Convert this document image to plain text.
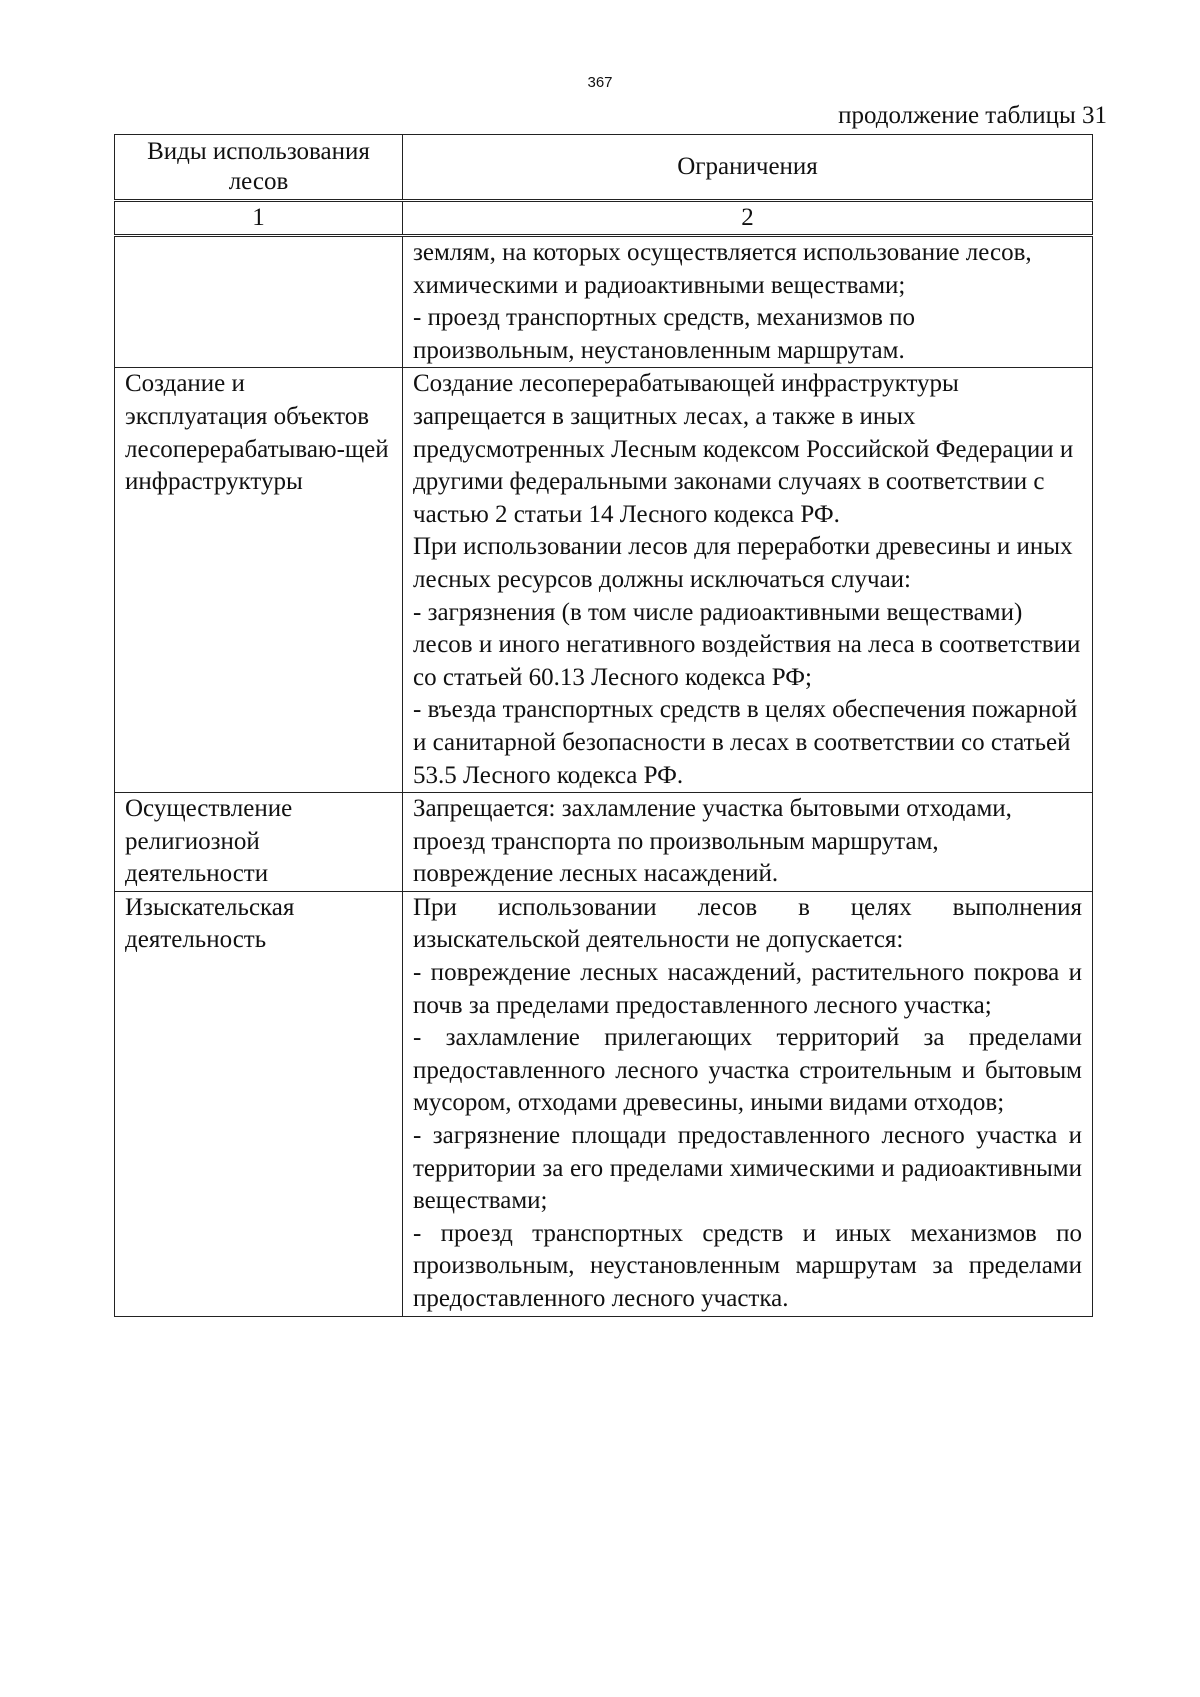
367
продолжение таблицы 31
Виды использования лесов	Ограничения
1	2

	землям, на которых осуществляется использование лесов, химическими и радиоактивными веществами;
- проезд транспортных средств, механизмов по произвольным, неустановленным маршрутам.

Создание и эксплуатация объектов лесоперерабатываю-щей инфраструктуры	Создание лесоперерабатывающей инфраструктуры запрещается в защитных лесах, а также в иных предусмотренных Лесным кодексом Российской Федерации и другими федеральными законами случаях в соответствии с частью 2 статьи 14 Лесного кодекса РФ.
При использовании лесов для переработки древесины и иных лесных ресурсов должны исключаться случаи:
- загрязнения (в том числе радиоактивными веществами) лесов и иного негативного воздействия на леса в соответствии со статьей 60.13 Лесного кодекса РФ;
- въезда транспортных средств в целях обеспечения пожарной и санитарной безопасности в лесах в соответствии со статьей 53.5 Лесного кодекса РФ.

Осуществление религиозной деятельности	Запрещается: захламление участка бытовыми отходами, проезд транспорта по произвольным маршрутам, повреждение лесных насаждений.

Изыскательская деятельность	При использовании лесов в целях выполнения изыскательской деятельности не допускается:
- повреждение лесных насаждений, растительного покрова и почв за пределами предоставленного лесного участка;
- захламление прилегающих территорий за пределами предоставленного лесного участка строительным и бытовым мусором, отходами древесины, иными видами отходов;
- загрязнение площади предоставленного лесного участка и территории за его пределами химическими и радиоактивными веществами;
- проезд транспортных средств и иных механизмов по произвольным, неустановленным маршрутам за пределами предоставленного лесного участка.
